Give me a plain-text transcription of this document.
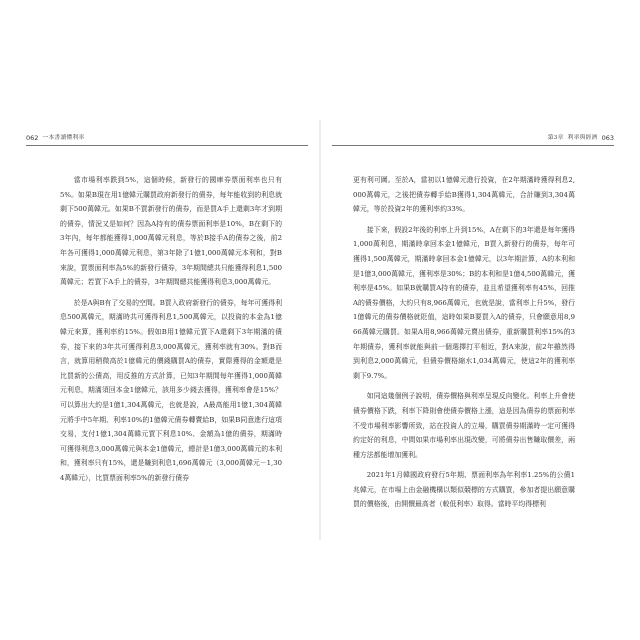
062 一本書讀懂利率

當市場利率跌到5%，這個時候，新發行的國庫券票面利率也只有5%。如果B現在用1億韓元購買政府新發行的債券，每年能收到的利息就剩下500萬韓元。如果B不買新發行的債券，而是買A手上還剩3年才到期的債券，情況又是如何？因為A持有的債券票面利率是10%，B在剩下的3年內，每年都能獲得1,000萬韓元利息，等於B接手A的債券之後，前2年各可獲得1,000萬韓元利息，第3年除了1億1,000萬韓元本利和，對B來說，買票面利率為5%的新發行債券，3年期間總共只能獲得利息1,500萬韓元；若買下A手上的債券，3年期間總共能獲得利息3,000萬韓元。

於是A與B有了交易的空間。B買入政府新發行的債券，每年可獲得利息500萬韓元，期滿時共可獲得利息1,500萬韓元，以投資的本金為1億韓元來算，獲利率約15%。假如B用1億韓元買下A還剩下3年期滿的債券，接下來的3年共可獲得利息3,000萬韓元，獲利率就有30%。對B而言，就算用稍微高於1億韓元的價錢購買A的債券，實際獲得的金額還是比買新的公債高，用反推的方式計算，已知3年期間每年獲得1,000萬韓元利息，期滿須回本金1億韓元，該用多少錢去獲得，獲利率會是15%？可以算出大約是1億1,304萬韓元，也就是說，A最高能用1億1,304萬韓元將手中5年期、利率10%的1億韓元債券轉賣給B，如果B同意進行這項交易，支付1億1,304萬韓元買下利息10%、金額為1億的債券，期滿時可獲得利息3,000萬韓元與本金1億韓元，總計是1億3,000萬韓元的本利和，獲利率只有15%，還是賺到利息1,696萬韓元（3,000萬韓元－1,304萬韓元），比買票面利率5%的新發行債券

第3章 利率與經濟 063

更有利可圖。至於A，當初以1億韓元進行投資，在2年期滿時獲得利息2,000萬韓元，之後把債券轉手給B獲得1,304萬韓元，合計賺到3,304萬韓元，等於投資2年的獲利率約33%。

接下來，假設2年後的利率上升到15%，A在剩下的3年還是每年獲得1,000萬利息，期滿時拿回本金1億韓元，B買入新發行的債券，每年可獲得1,500萬韓元，期滿時拿回本金1億韓元，以3年期計算，A的本利和是1億3,000萬韓元，獲利率是30%；B的本利和是1億4,500萬韓元，獲利率是45%。如果B就購買A持有的債券，並且希望獲利率有45%，回推A的債券價格，大約只有8,966萬韓元，也就是說，當利率上升5%，發行1億韓元的債券價格就貶值，這時如果B要買入A的債券，只會願意用8,966萬韓元購買。如果A用8,966萬韓元賣出債券，重新購買利率15%的3年期債券，獲利率就能與前一個選擇打平相近，對A來說，前2年雖然得到利息2,000萬韓元，但債券價格縮水1,034萬韓元，使這2年的獲利率剩下9.7%。

如同這幾個例子說明，債券價格與利率呈現反向變化。利率上升會使債券價格下跌，利率下降則會使債券價格上漲，這是因為債券的票面利率不受市場利率影響所致，站在投資人的立場，購買債券期滿時一定可獲得約定好的利息，中間如果市場利率出現改變，可將債券出售賺取價差，兩種方法都能增加獲利。

2021年1月韓國政府發行5年期、票面利率為年利率1.25%的公債1兆韓元，在市場上由金融機構以類似競標的方式購買，參加者提出願意購買的價格後，由開價最高者（較低利率）取得。當時平均得標利
